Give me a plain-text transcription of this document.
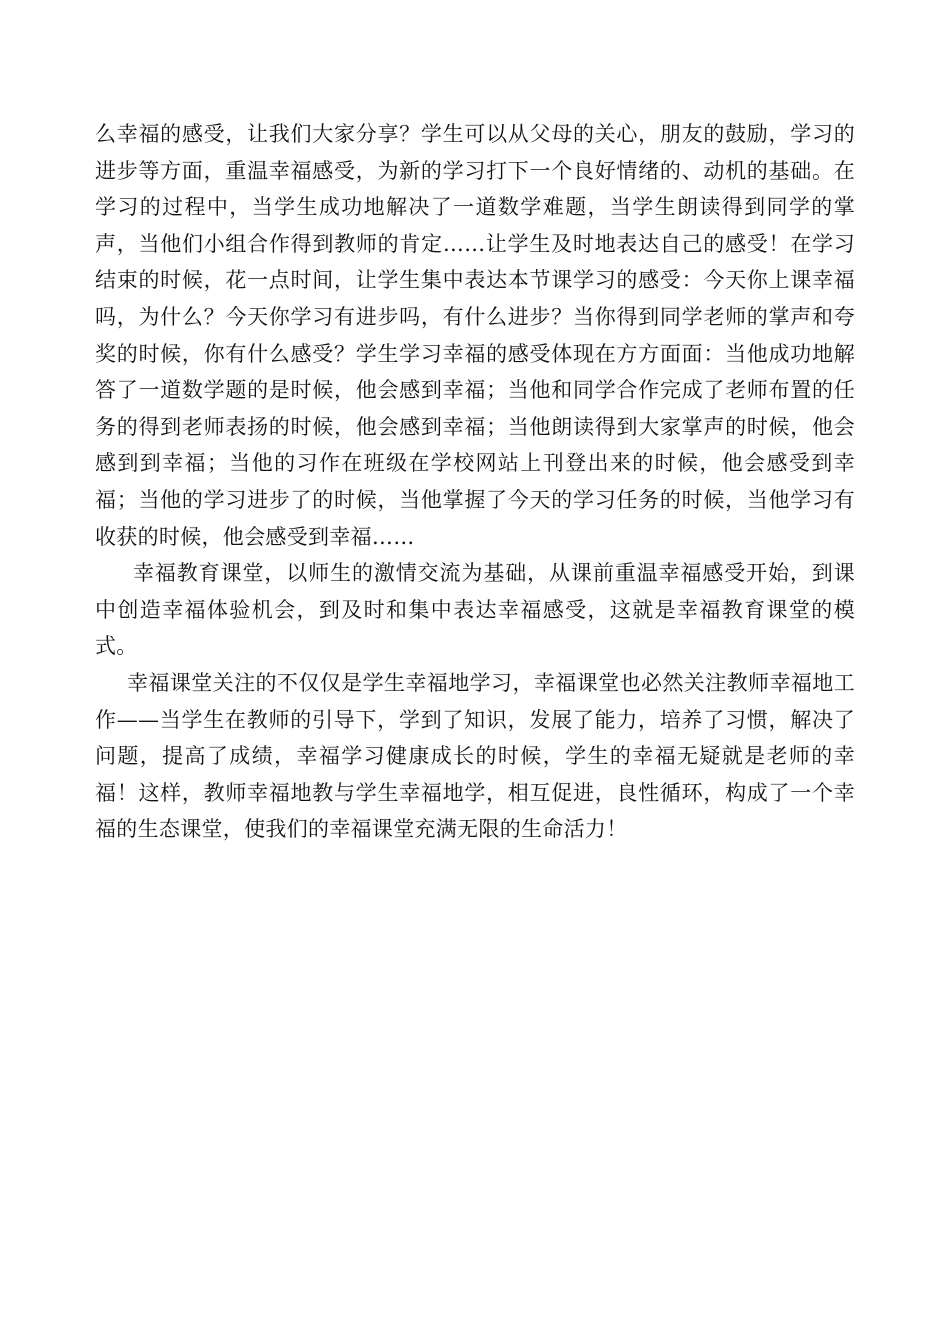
么幸福的感受，让我们大家分享？学生可以从父母的关心，朋友的鼓励，学习的进步等方面，重温幸福感受，为新的学习打下一个良好情绪的、动机的基础。在学习的过程中，当学生成功地解决了一道数学难题，当学生朗读得到同学的掌声，当他们小组合作得到教师的肯定……让学生及时地表达自己的感受！在学习结束的时候，花一点时间，让学生集中表达本节课学习的感受：今天你上课幸福吗，为什么？今天你学习有进步吗，有什么进步？当你得到同学老师的掌声和夸奖的时候，你有什么感受？学生学习幸福的感受体现在方方面面：当他成功地解答了一道数学题的是时候，他会感到幸福；当他和同学合作完成了老师布置的任务的得到老师表扬的时候，他会感到幸福；当他朗读得到大家掌声的时候，他会感到到幸福；当他的习作在班级在学校网站上刊登出来的时候，他会感受到幸福；当他的学习进步了的时候，当他掌握了今天的学习任务的时候，当他学习有收获的时候，他会感受到幸福……

幸福教育课堂，以师生的激情交流为基础，从课前重温幸福感受开始，到课中创造幸福体验机会，到及时和集中表达幸福感受，这就是幸福教育课堂的模式。

幸福课堂关注的不仅仅是学生幸福地学习，幸福课堂也必然关注教师幸福地工作——当学生在教师的引导下，学到了知识，发展了能力，培养了习惯，解决了问题，提高了成绩，幸福学习健康成长的时候，学生的幸福无疑就是老师的幸福！这样，教师幸福地教与学生幸福地学，相互促进，良性循环，构成了一个幸福的生态课堂，使我们的幸福课堂充满无限的生命活力！
